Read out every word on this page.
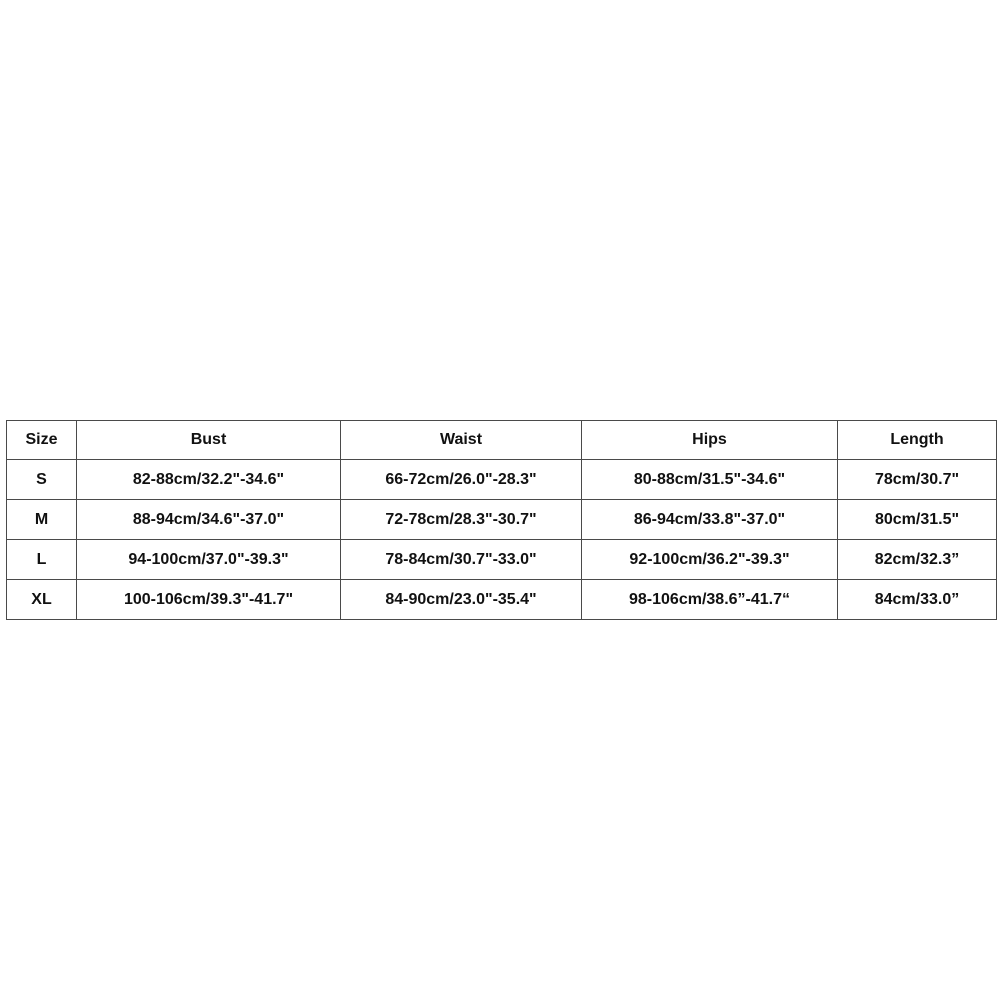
Size	Bust	Waist	Hips	Length
S	82-88cm/32.2"-34.6"	66-72cm/26.0"-28.3"	80-88cm/31.5"-34.6"	78cm/30.7"
M	88-94cm/34.6"-37.0"	72-78cm/28.3"-30.7"	86-94cm/33.8"-37.0"	80cm/31.5"
L	94-100cm/37.0"-39.3"	78-84cm/30.7"-33.0"	92-100cm/36.2"-39.3"	82cm/32.3”
XL	100-106cm/39.3"-41.7"	84-90cm/23.0"-35.4"	98-106cm/38.6”-41.7“	84cm/33.0”
